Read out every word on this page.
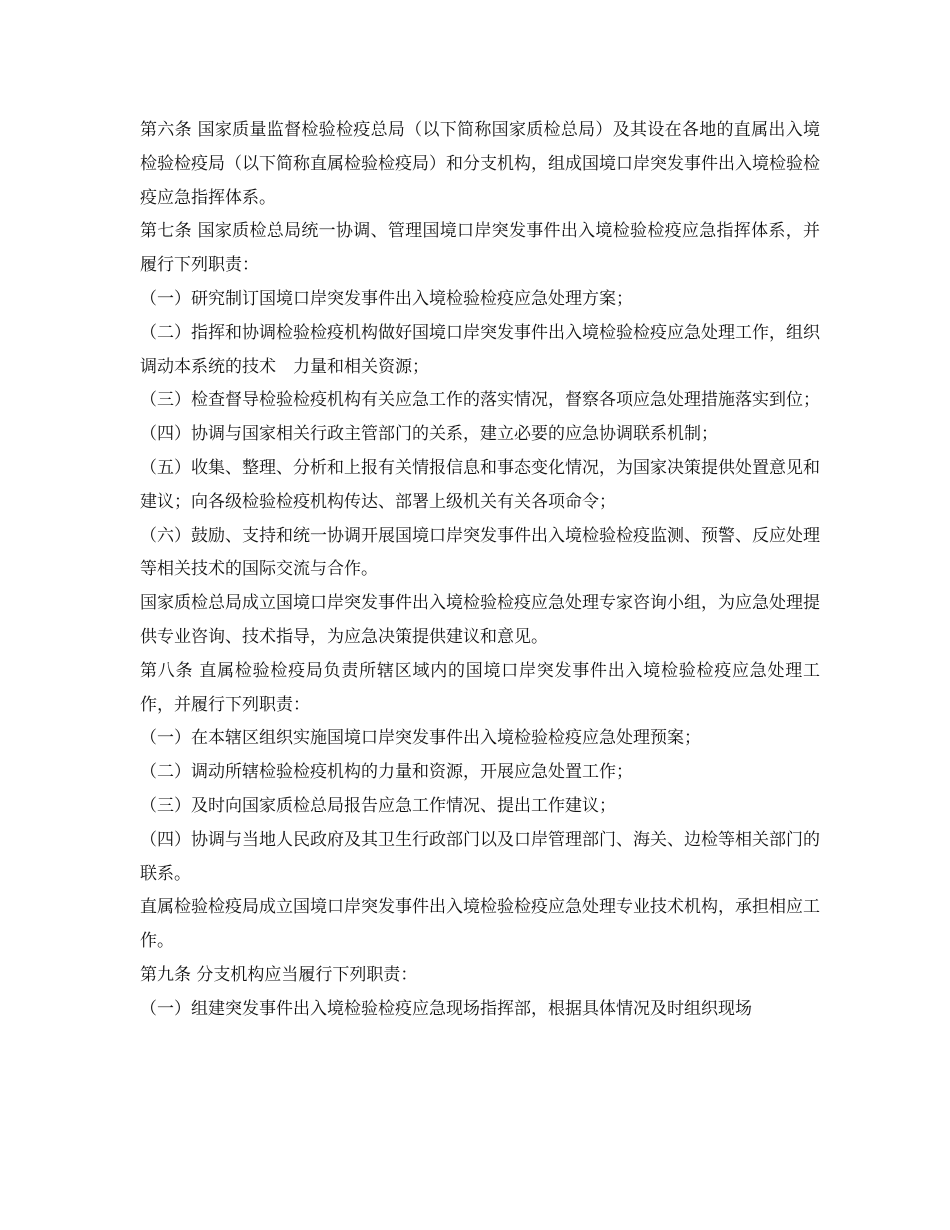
第六条 国家质量监督检验检疫总局（以下简称国家质检总局）及其设在各地的直属出入境检验检疫局（以下简称直属检验检疫局）和分支机构，组成国境口岸突发事件出入境检验检疫应急指挥体系。

第七条 国家质检总局统一协调、管理国境口岸突发事件出入境检验检疫应急指挥体系，并履行下列职责：

（一）研究制订国境口岸突发事件出入境检验检疫应急处理方案；

（二）指挥和协调检验检疫机构做好国境口岸突发事件出入境检验检疫应急处理工作，组织调动本系统的技术　力量和相关资源；

（三）检查督导检验检疫机构有关应急工作的落实情况，督察各项应急处理措施落实到位；

（四）协调与国家相关行政主管部门的关系，建立必要的应急协调联系机制；

（五）收集、整理、分析和上报有关情报信息和事态变化情况，为国家决策提供处置意见和建议；向各级检验检疫机构传达、部署上级机关有关各项命令；

（六）鼓励、支持和统一协调开展国境口岸突发事件出入境检验检疫监测、预警、反应处理等相关技术的国际交流与合作。

国家质检总局成立国境口岸突发事件出入境检验检疫应急处理专家咨询小组，为应急处理提供专业咨询、技术指导，为应急决策提供建议和意见。

第八条 直属检验检疫局负责所辖区域内的国境口岸突发事件出入境检验检疫应急处理工作，并履行下列职责：

（一）在本辖区组织实施国境口岸突发事件出入境检验检疫应急处理预案；

（二）调动所辖检验检疫机构的力量和资源，开展应急处置工作；

（三）及时向国家质检总局报告应急工作情况、提出工作建议；

（四）协调与当地人民政府及其卫生行政部门以及口岸管理部门、海关、边检等相关部门的联系。

直属检验检疫局成立国境口岸突发事件出入境检验检疫应急处理专业技术机构，承担相应工作。

第九条 分支机构应当履行下列职责：

（一）组建突发事件出入境检验检疫应急现场指挥部，根据具体情况及时组织现场
